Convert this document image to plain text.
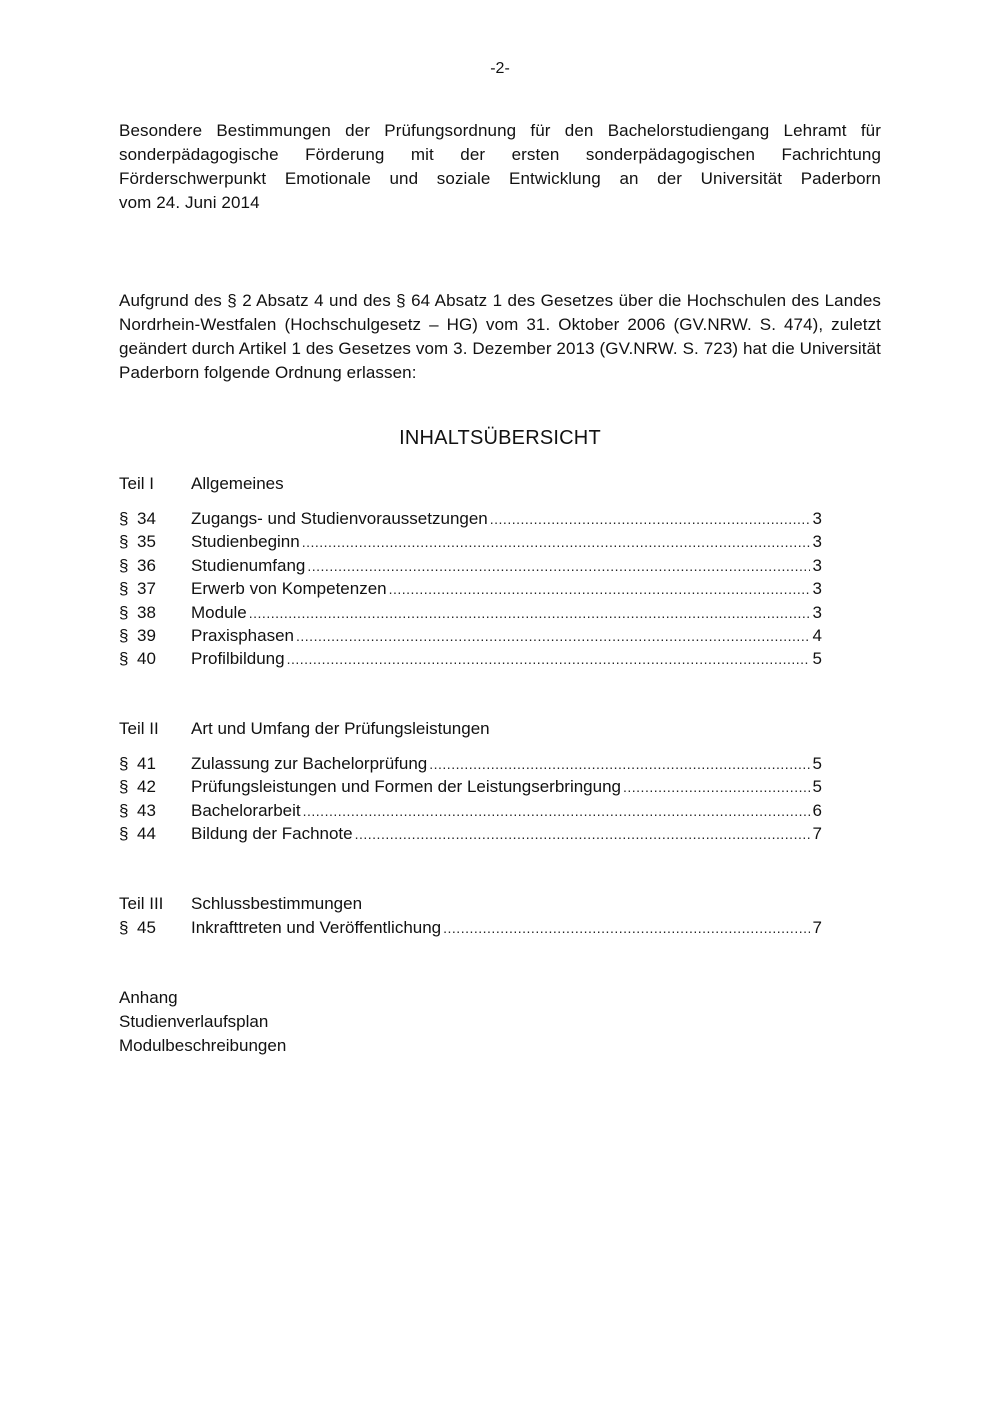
-2-
Besondere Bestimmungen der Prüfungsordnung für den Bachelorstudiengang Lehramt für
sonderpädagogische Förderung mit der ersten sonderpädagogischen Fachrichtung
Förderschwerpunkt Emotionale und soziale Entwicklung an der Universität Paderborn
vom 24. Juni 2014
Aufgrund des § 2 Absatz 4 und des § 64 Absatz 1 des Gesetzes über die Hochschulen des Landes
Nordrhein-Westfalen (Hochschulgesetz – HG) vom 31. Oktober 2006 (GV.NRW. S. 474), zuletzt
geändert durch Artikel 1 des Gesetzes vom 3. Dezember 2013 (GV.NRW. S. 723) hat die Universität
Paderborn folgende Ordnung erlassen:
INHALTSÜBERSICHT
Teil I	Allgemeines
§ 34	Zugangs- und Studienvoraussetzungen .....	3
§ 35	Studienbeginn .....	3
§ 36	Studienumfang .....	3
§ 37	Erwerb von Kompetenzen .....	3
§ 38	Module .....	3
§ 39	Praxisphasen .....	4
§ 40	Profilbildung .....	5
Teil II	Art und Umfang der Prüfungsleistungen
§ 41	Zulassung zur Bachelorprüfung .....	5
§ 42	Prüfungsleistungen und Formen der Leistungserbringung .....	5
§ 43	Bachelorarbeit .....	6
§ 44	Bildung der Fachnote .....	7
Teil III	Schlussbestimmungen
§ 45	Inkrafttreten und Veröffentlichung .....	7
Anhang
Studienverlaufsplan
Modulbeschreibungen
